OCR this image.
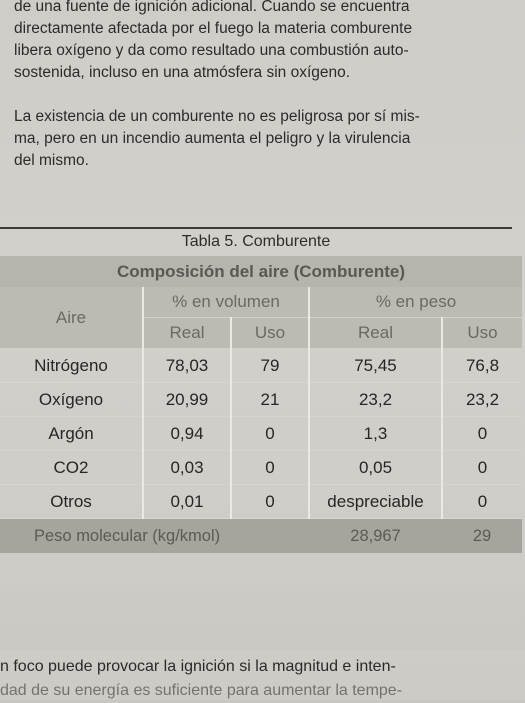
de una fuente de ignición adicional. Cuando se encuentra
directamente afectada por el fuego la materia comburente
libera oxígeno y da como resultado una combustión auto-
sostenida, incluso en una atmósfera sin oxígeno.
La existencia de un comburente no es peligrosa por sí mis-
ma, pero en un incendio aumenta el peligro y la virulencia
del mismo.
Tabla 5. Comburente
Composición del aire (Comburente)				
Aire	% en volumen		% en peso	
	Real	Uso	Real	Uso
Nitrógeno	78,03	79	75,45	76,8
Oxígeno	20,99	21	23,2	23,2
Argón	0,94	0	1,3	0
CO2	0,03	0	0,05	0
Otros	0,01	0	despreciable	0
Peso molecular (kg/kmol)			28,967	29
n foco puede provocar la ignición si la magnitud e inten-
dad de su energía es suficiente para aumentar la tempe-
